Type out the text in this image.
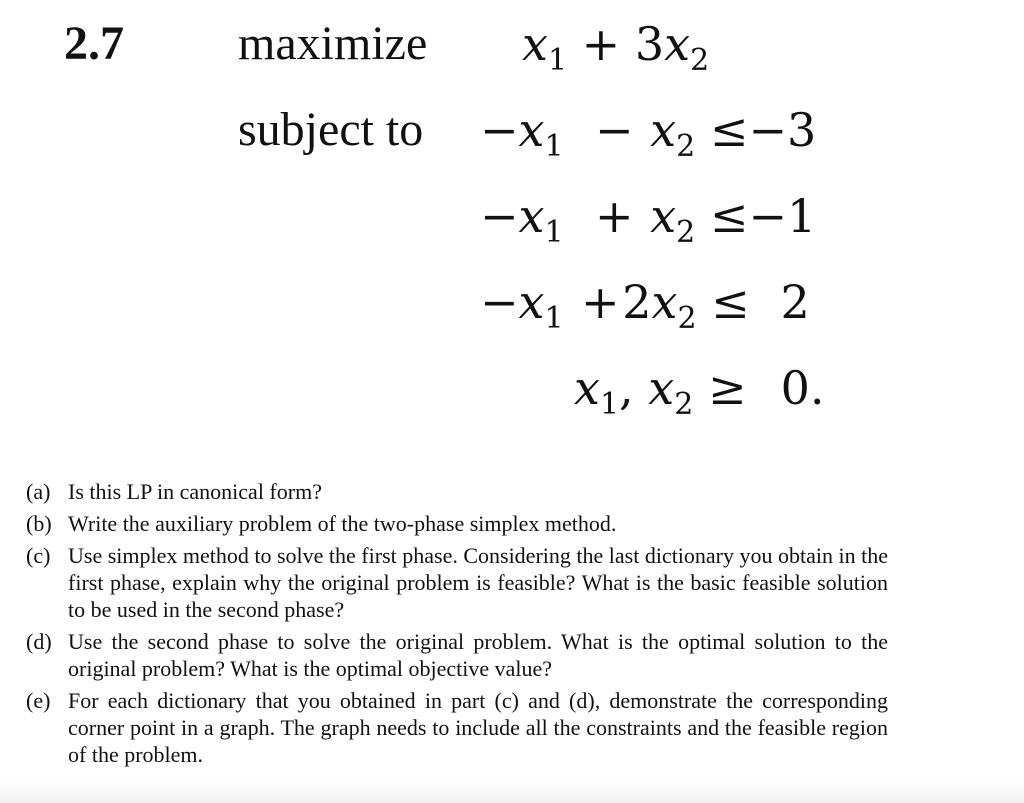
2.7 maximize
subject to
$x_1 + 3x_2$
$-x_1 - x_2 \le-3$
$-x_1 + x_2 \le-1$
$-x_1 +2x_2 \le 2$
$x_1$, $x_2 \ge 0$.
(a) Is this LP in canonical form?
(b) Write the auxiliary problem of the two-phase simplex method.
(c) Use simplex method to solve the first phase. Considering the last dictionary you obtain in the first phase, explain why the original problem is feasible? What is the basic feasible solution to be used in the second phase?
(d) Use the second phase to solve the original problem. What is the optimal solution to the original problem? What is the optimal objective value?
(e) For each dictionary that you obtained in part (c) and (d), demonstrate the corresponding corner point in a graph. The graph needs to include all the constraints and the feasible region of the problem.
